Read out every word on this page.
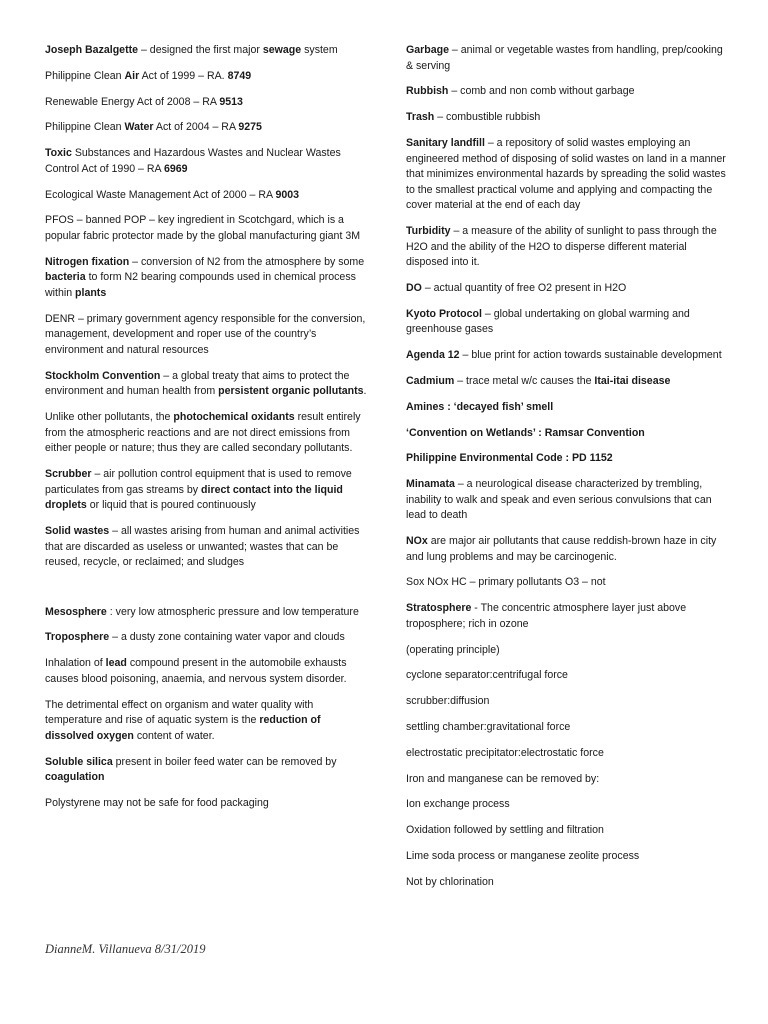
Joseph Bazalgette – designed the first major sewage system

Philippine Clean Air Act of 1999 – RA. 8749

Renewable Energy Act of 2008 – RA 9513

Philippine Clean Water Act of 2004 – RA 9275

Toxic Substances and Hazardous Wastes and Nuclear Wastes Control Act of 1990 – RA 6969

Ecological Waste Management Act of 2000 – RA 9003

PFOS – banned POP – key ingredient in Scotchgard, which is a popular fabric protector made by the global manufacturing giant 3M

Nitrogen fixation – conversion of N2 from the atmosphere by some bacteria to form N2 bearing compounds used in chemical process within plants

DENR – primary government agency responsible for the conversion, management, development and roper use of the country’s environment and natural resources

Stockholm Convention – a global treaty that aims to protect the environment and human health from persistent organic pollutants.

Unlike other pollutants, the photochemical oxidants result entirely from the atmospheric reactions and are not direct emissions from either people or nature; thus they are called secondary pollutants.

Scrubber – air pollution control equipment that is used to remove particulates from gas streams by direct contact into the liquid droplets or liquid that is poured continuously

Solid wastes – all wastes arising from human and animal activities that are discarded as useless or unwanted; wastes that can be reused, recycle, or reclaimed; and sludges

Mesosphere : very low atmospheric pressure and low temperature

Troposphere – a dusty zone containing water vapor and clouds

Inhalation of lead compound present in the automobile exhausts causes blood poisoning, anaemia, and nervous system disorder.

The detrimental effect on organism and water quality with temperature and rise of aquatic system is the reduction of dissolved oxygen content of water.

Soluble silica present in boiler feed water can be removed by coagulation

Polystyrene may not be safe for food packaging

Garbage – animal or vegetable wastes from handling, prep/cooking & serving

Rubbish – comb and non comb without garbage

Trash – combustible rubbish

Sanitary landfill – a repository of solid wastes employing an engineered method of disposing of solid wastes on land in a manner that minimizes environmental hazards by spreading the solid wastes to the smallest practical volume and applying and compacting the cover material at the end of each day

Turbidity – a measure of the ability of sunlight to pass through the H2O and the ability of the H2O to disperse different material disposed into it.

DO – actual quantity of free O2 present in H2O

Kyoto Protocol – global undertaking on global warming and greenhouse gases

Agenda 12 – blue print for action towards sustainable development

Cadmium – trace metal w/c causes the Itai-itai disease

Amines : ‘decayed fish’ smell

‘Convention on Wetlands’ : Ramsar Convention

Philippine Environmental Code : PD 1152

Minamata – a neurological disease characterized by trembling, inability to walk and speak and even serious convulsions that can lead to death

NOx are major air pollutants that cause reddish-brown haze in city and lung problems and may be carcinogenic.

Sox NOx HC – primary pollutants O3 – not

Stratosphere - The concentric atmosphere layer just above troposphere; rich in ozone

(operating principle)

cyclone separator:centrifugal force

scrubber:diffusion

settling chamber:gravitational force

electrostatic precipitator:electrostatic force

Iron and manganese can be removed by:

Ion exchange process

Oxidation followed by settling and filtration

Lime soda process or manganese zeolite process

Not by chlorination

DianneM. Villanueva 8/31/2019
